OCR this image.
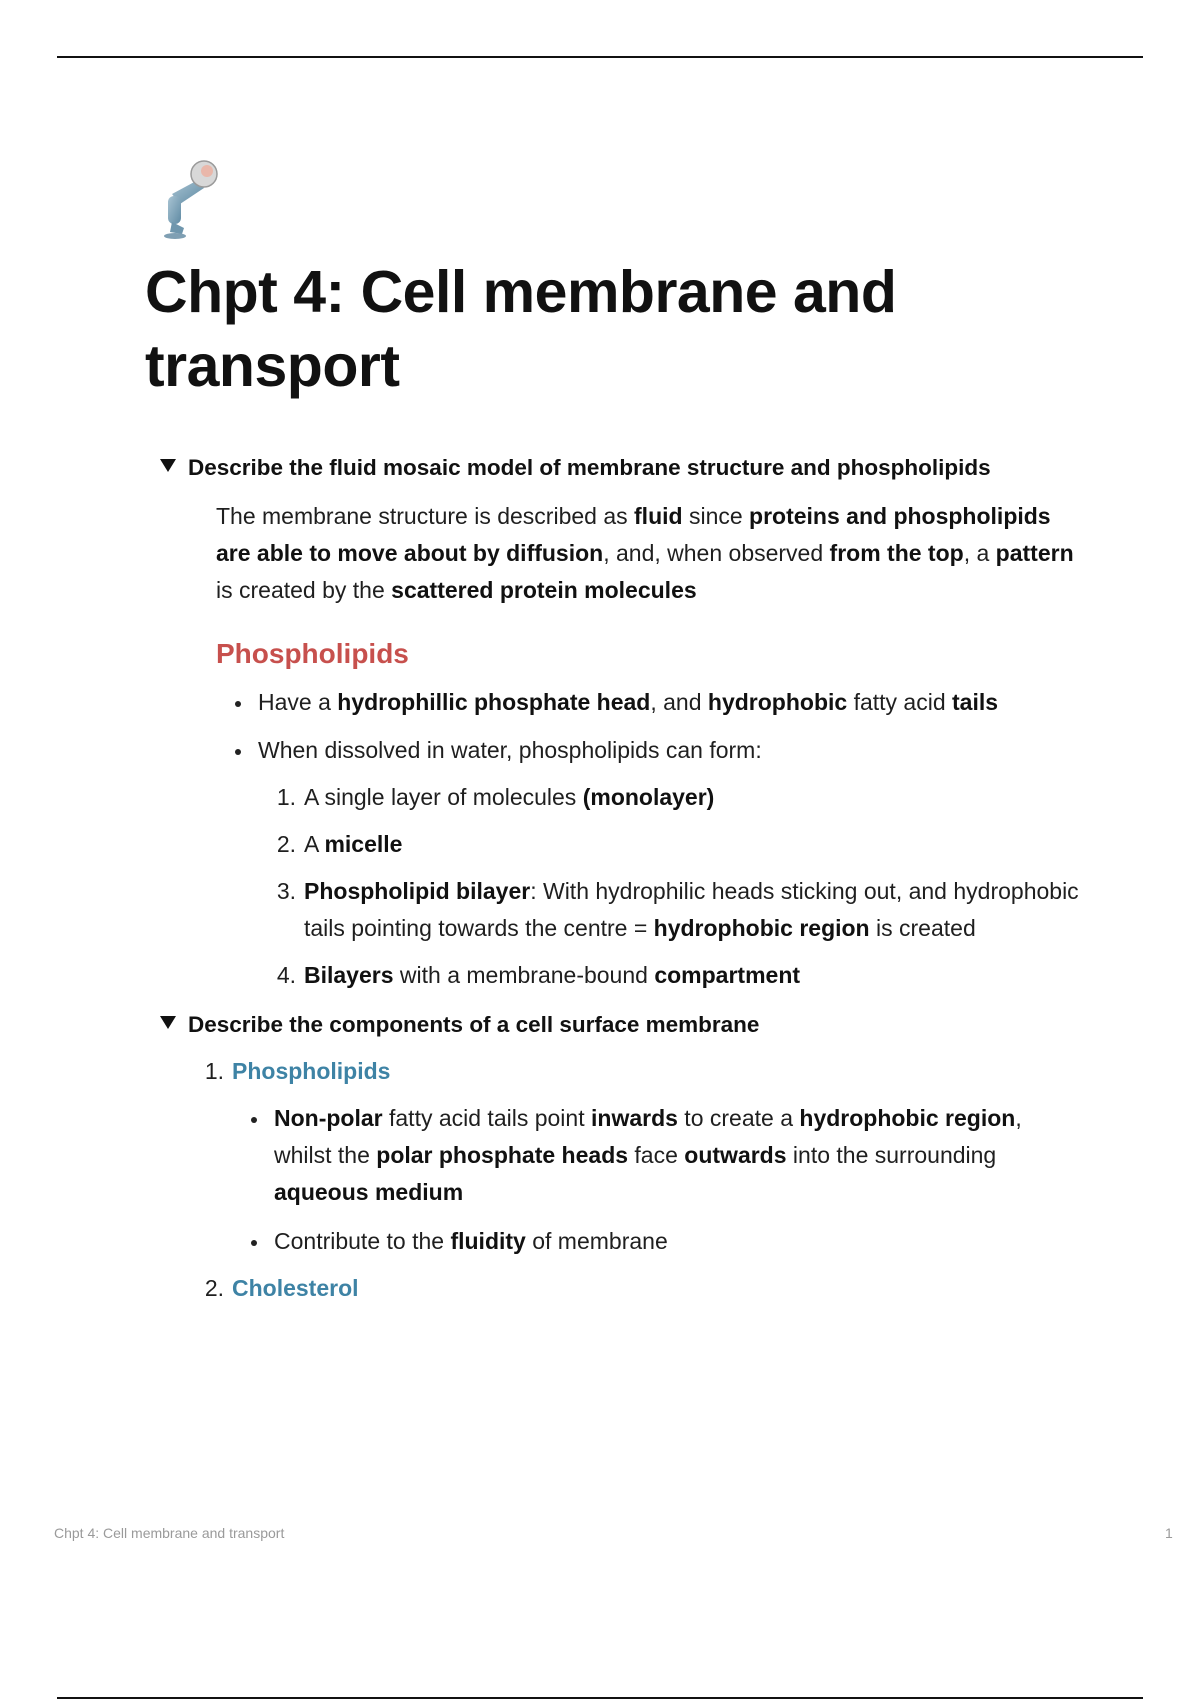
Chpt 4: Cell membrane and
transport
Describe the fluid mosaic model of membrane structure and phospholipids

The membrane structure is described as fluid since proteins and phospholipids are able to move about by diffusion, and, when observed from the top, a pattern is created by the scattered protein molecules

Phospholipids
Have a hydrophillic phosphate head, and hydrophobic fatty acid tails
When dissolved in water, phospholipids can form:
1. A single layer of molecules (monolayer)
2. A micelle
3. Phospholipid bilayer: With hydrophilic heads sticking out, and hydrophobic tails pointing towards the centre = hydrophobic region is created
4. Bilayers with a membrane-bound compartment
Describe the components of a cell surface membrane
1. Phospholipids
Non-polar fatty acid tails point inwards to create a hydrophobic region, whilst the polar phosphate heads face outwards into the surrounding aqueous medium
Contribute to the fluidity of membrane
2. Cholesterol
Chpt 4: Cell membrane and transport	1
